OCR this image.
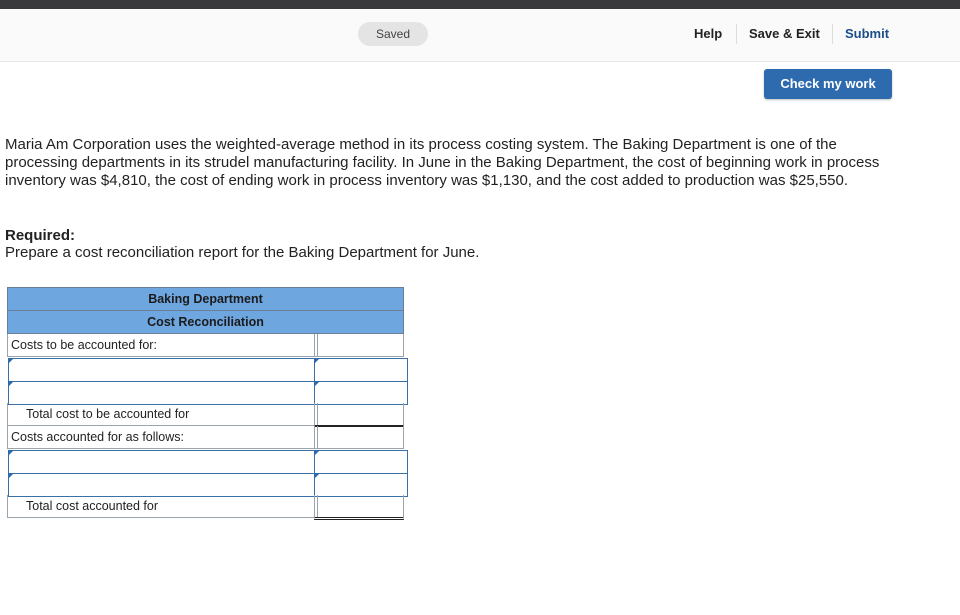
Saved	Help Save & Exit Submit
Check my work
Maria Am Corporation uses the weighted-average method in its process costing system. The Baking Department is one of the processing departments in its strudel manufacturing facility. In June in the Baking Department, the cost of beginning work in process inventory was $4,810, the cost of ending work in process inventory was $1,130, and the cost added to production was $25,550.
Required:
Prepare a cost reconciliation report for the Baking Department for June.
Baking Department
Cost Reconciliation
Costs to be accounted for:
Total cost to be accounted for
Costs accounted for as follows:
Total cost accounted for
